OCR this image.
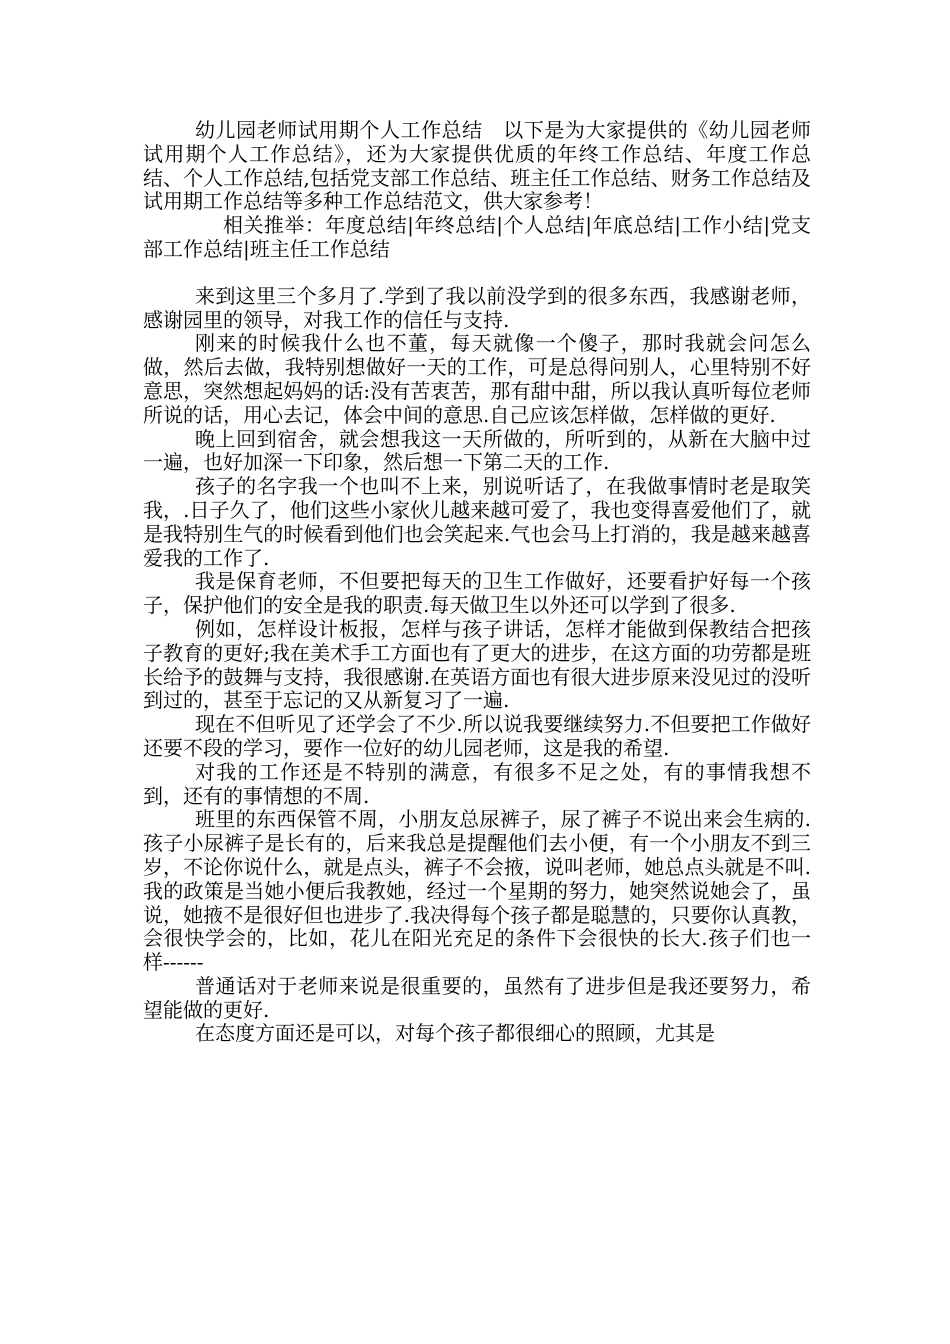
幼儿园老师试用期个人工作总结　以下是为大家提供的《幼儿园老师试用期个人工作总结》，还为大家提供优质的年终工作总结、年度工作总结、个人工作总结,包括党支部工作总结、班主任工作总结、财务工作总结及试用期工作总结等多种工作总结范文，供大家参考！

相关推举：年度总结|年终总结|个人总结|年底总结|工作小结|党支部工作总结|班主任工作总结

来到这里三个多月了.学到了我以前没学到的很多东西，我感谢老师，感谢园里的领导，对我工作的信任与支持.

刚来的时候我什么也不董，每天就像一个傻子，那时我就会问怎么做，然后去做，我特别想做好一天的工作，可是总得问别人，心里特别不好意思，突然想起妈妈的话:没有苦衷苦，那有甜中甜，所以我认真听每位老师所说的话，用心去记，体会中间的意思.自己应该怎样做，怎样做的更好.

晚上回到宿舍，就会想我这一天所做的，所听到的，从新在大脑中过一遍，也好加深一下印象，然后想一下第二天的工作.

孩子的名字我一个也叫不上来，别说听话了，在我做事情时老是取笑我，.日子久了，他们这些小家伙儿越来越可爱了，我也变得喜爱他们了，就是我特别生气的时候看到他们也会笑起来.气也会马上打消的，我是越来越喜爱我的工作了.

我是保育老师，不但要把每天的卫生工作做好，还要看护好每一个孩子，保护他们的安全是我的职责.每天做卫生以外还可以学到了很多.

例如，怎样设计板报，怎样与孩子讲话，怎样才能做到保教结合把孩子教育的更好;我在美术手工方面也有了更大的进步，在这方面的功劳都是班长给予的鼓舞与支持，我很感谢.在英语方面也有很大进步原来没见过的没听到过的，甚至于忘记的又从新复习了一遍.

现在不但听见了还学会了不少.所以说我要继续努力.不但要把工作做好还要不段的学习，要作一位好的幼儿园老师，这是我的希望.

对我的工作还是不特别的满意，有很多不足之处，有的事情我想不到，还有的事情想的不周.

班里的东西保管不周，小朋友总尿裤子，尿了裤子不说出来会生病的.孩子小尿裤子是长有的，后来我总是提醒他们去小便，有一个小朋友不到三岁，不论你说什么，就是点头，裤子不会掖，说叫老师，她总点头就是不叫.我的政策是当她小便后我教她，经过一个星期的努力，她突然说她会了，虽说，她掖不是很好但也进步了.我决得每个孩子都是聪慧的，只要你认真教，会很快学会的，比如，花儿在阳光充足的条件下会很快的长大.孩子们也一样------

普通话对于老师来说是很重要的，虽然有了进步但是我还要努力，希望能做的更好.

在态度方面还是可以，对每个孩子都很细心的照顾，尤其是
